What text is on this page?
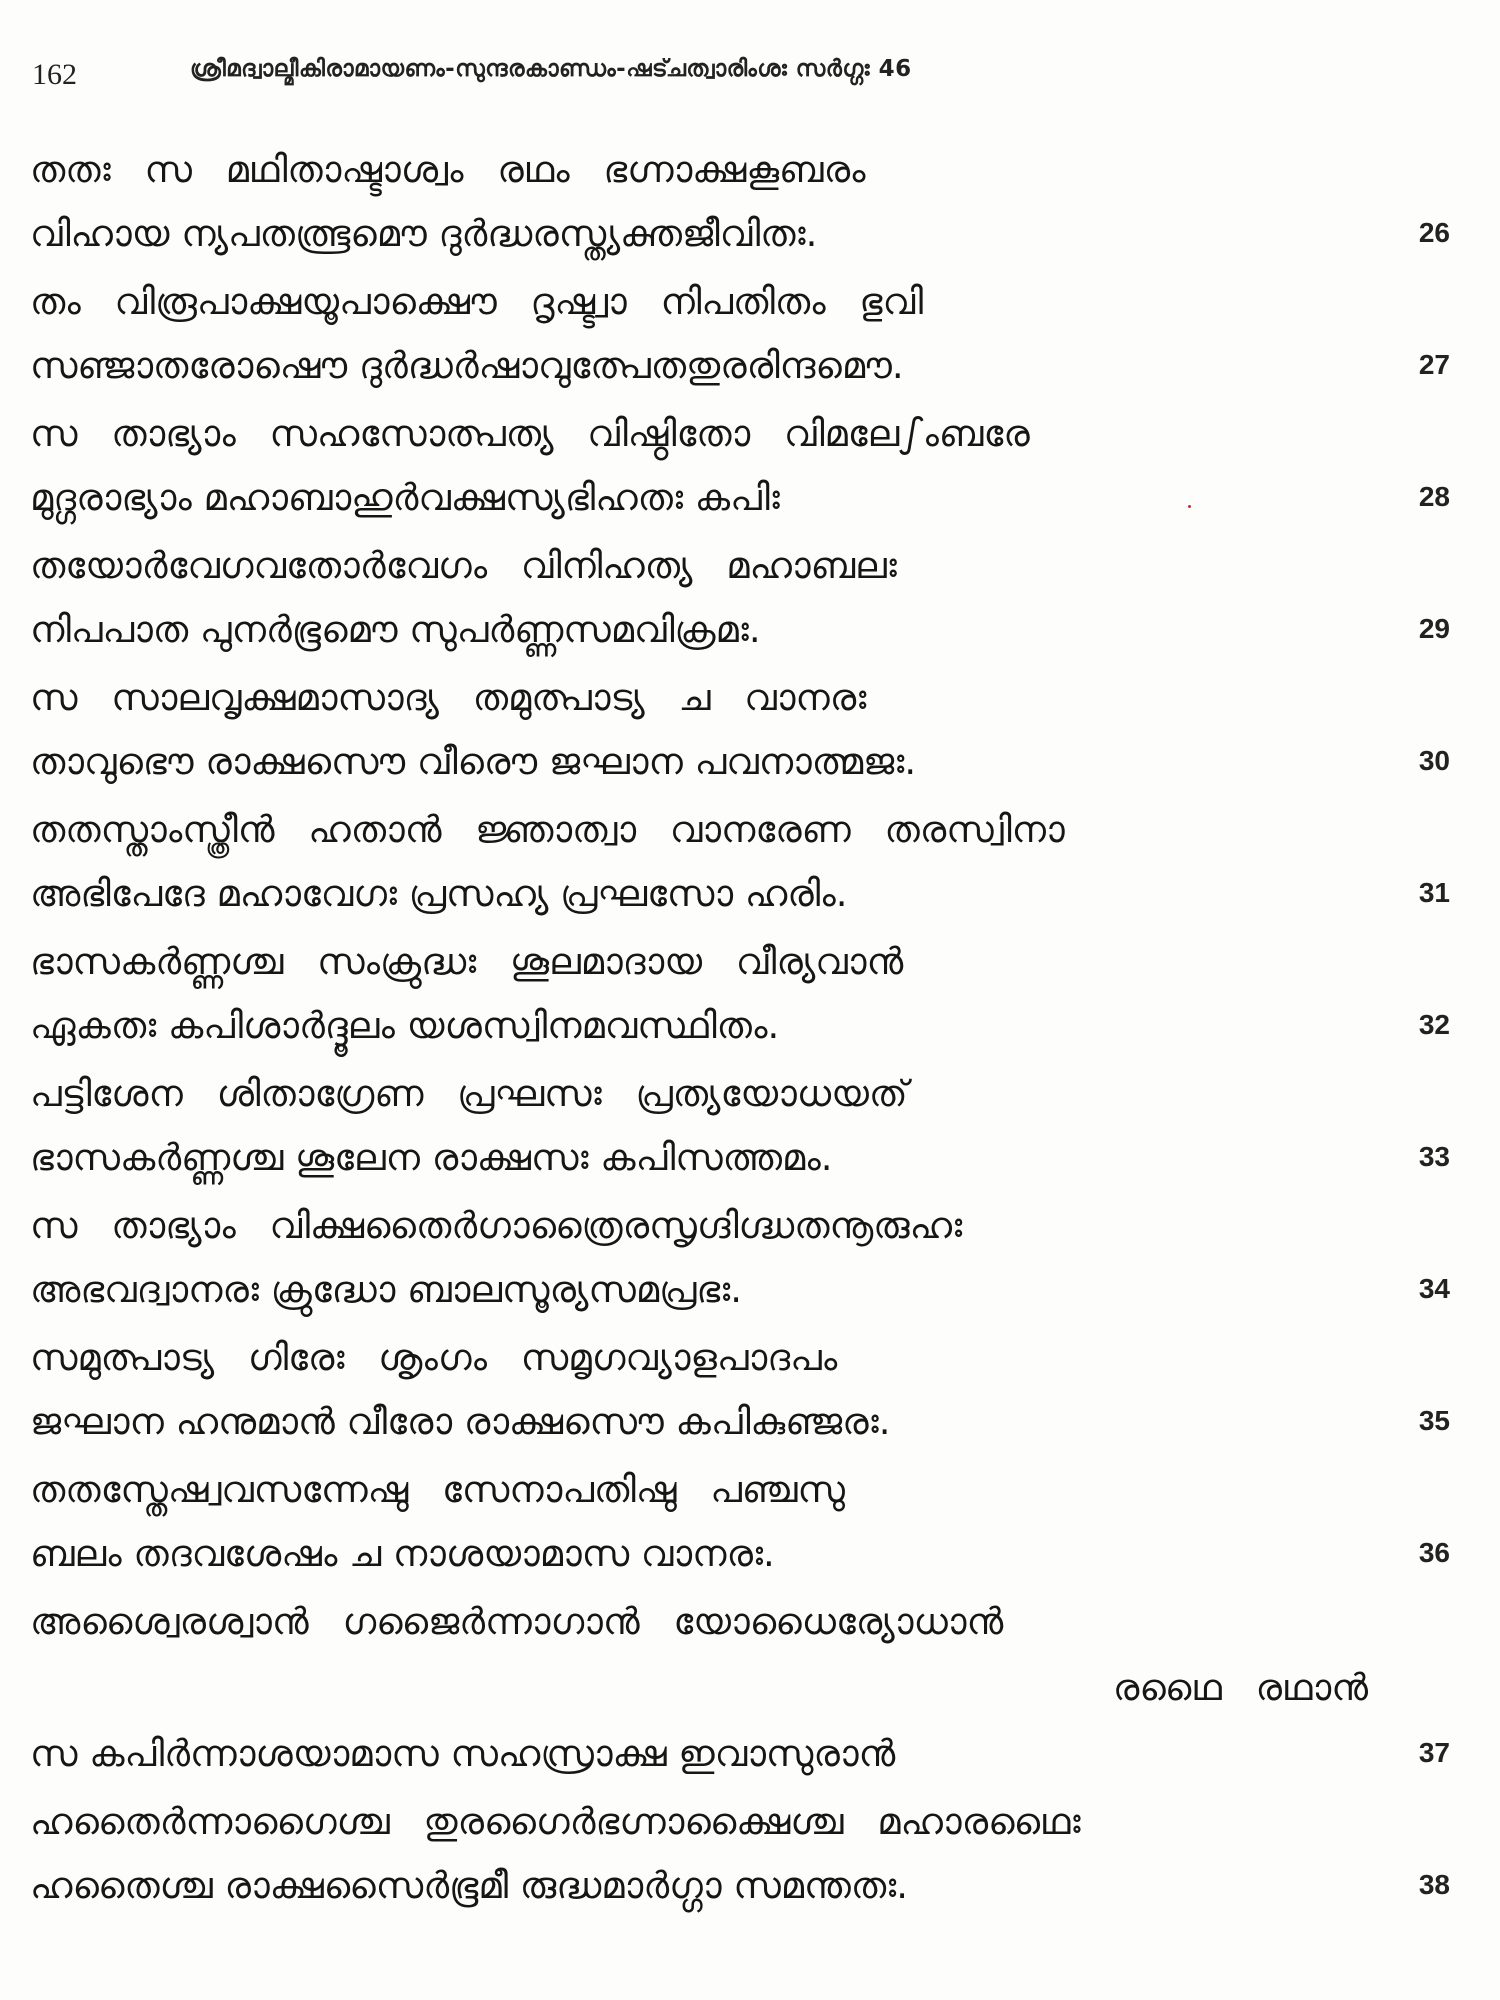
162	ശ്രീമദ്വാല്മീകിരാമായണം-സുന്ദരകാണ്ഡം-ഷട്ചത്വാരിംശഃ സർഗ്ഗഃ 46
തതഃ സ മഥിതാഷ്ടാശ്വം രഥം ഭഗ്നാക്ഷകൂബരം
വിഹായ ന്യപതത്ഭൂമൌ ദുർദ്ധരസ്ത്യക്തജീവിതഃ.	26
തം വിരൂപാക്ഷയൂപാക്ഷൌ ദൃഷ്ട്വാ നിപതിതം ഭുവി
സഞ്ജാതരോഷൌ ദുർദ്ധർഷാവുത്പേതതുരരിന്ദമൌ.	27
സ താഭ്യാം സഹസോത്പത്യ വിഷ്ഠിതോ വിമലേഽംബരേ
മുദ്ഗരാഭ്യാം മഹാബാഹുർവക്ഷസ്യഭിഹതഃ കപിഃ	28
തയോർവേഗവതോർവേഗം വിനിഹത്യ മഹാബലഃ
നിപപാത പുനർഭൂമൌ സുപർണ്ണസമവിക്രമഃ.	29
സ സാലവൃക്ഷമാസാദ്യ തമുത്പാട്യ ച വാനരഃ
താവുഭൌ രാക്ഷസൌ വീരൌ ജഘാന പവനാത്മജഃ.	30
തതസ്താംസ്ത്രീൻ ഹതാൻ ജ്ഞാത്വാ വാനരേണ തരസ്വിനാ
അഭിപേദേ മഹാവേഗഃ പ്രസഹ്യ പ്രഘസോ ഹരിം.	31
ഭാസകർണ്ണശ്ച സംക്രുദ്ധഃ ശൂലമാദായ വീര്യവാൻ
ഏകതഃ കപിശാർദ്ദൂലം യശസ്വിനമവസ്ഥിതം.	32
പട്ടിശേന ശിതാഗ്രേണ പ്രഘസഃ പ്രത്യയോധയത്
ഭാസകർണ്ണശ്ച ശൂലേന രാക്ഷസഃ കപിസത്തമം.	33
സ താഭ്യാം വിക്ഷതൈർഗാത്രൈരസൃഗ്ദിഗ്ദ്ധതനൂരുഹഃ
അഭവദ്വാനരഃ ക്രുദ്ധോ ബാലസൂര്യസമപ്രഭഃ.	34
സമുത്പാട്യ ഗിരേഃ ശൃംഗം സമൃഗവ്യാളപാദപം
ജഘാന ഹനുമാൻ വീരോ രാക്ഷസൌ കപികുഞ്ജരഃ.	35
തതസ്തേഷ്വവസന്നേഷു സേനാപതിഷു പഞ്ചസു
ബലം തദവശേഷം ച നാശയാമാസ വാനരഃ.	36
അശ്വൈരശ്വാൻ ഗജൈർന്നാഗാൻ യോധൈര്യോധാൻ
രഥൈ രഥാൻ
സ കപിർന്നാശയാമാസ സഹസ്രാക്ഷ ഇവാസുരാൻ	37
ഹതൈർന്നാഗൈശ്ച തുരഗൈർഭഗ്നാക്ഷൈശ്ച മഹാരഥൈഃ
ഹതൈശ്ച രാക്ഷസൈർഭൂമീ രുദ്ധമാർഗ്ഗാ സമന്തതഃ.	38
